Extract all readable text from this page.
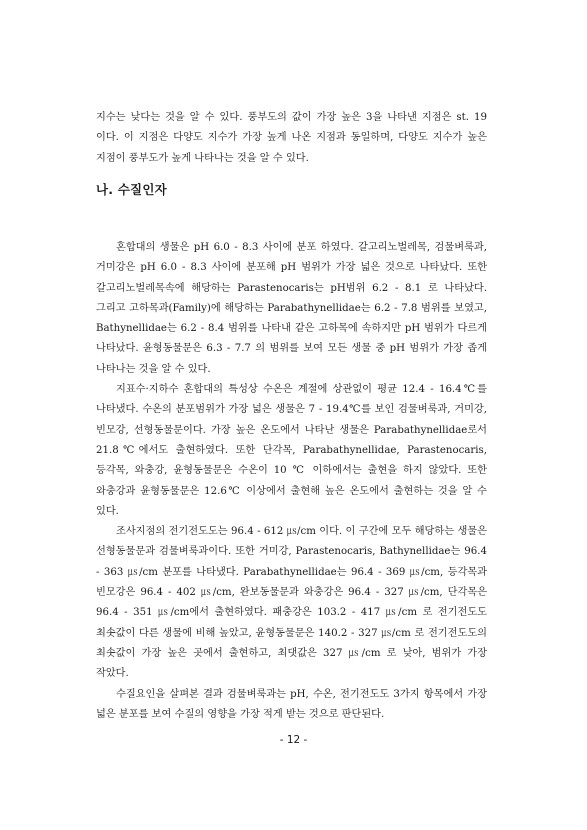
지수는 낮다는 것을 알 수 있다. 풍부도의 값이 가장 높은 3을 나타낸 지점은 st. 19 이다. 이 지점은 다양도 지수가 가장 높게 나온 지점과 동일하며, 다양도 지수가 높은 지점이 풍부도가 높게 나타나는 것을 알 수 있다.

나. 수질인자

혼합대의 생물은 pH 6.0 - 8.3 사이에 분포 하였다. 갈고리노벌레목, 검물벼룩과, 거미강은 pH 6.0 - 8.3 사이에 분포해 pH 범위가 가장 넓은 것으로 나타났다. 또한 갈고리노벌레목속에 해당하는 Parastenocaris는 pH범위 6.2 - 8.1 로 나타났다. 그리고 고하목과(Family)에 해당하는 Parabathynellidae는 6.2 - 7.8 범위를 보였고, Bathynellidae는 6.2 - 8.4 범위를 나타내 같은 고하목에 속하지만 pH 범위가 다르게 나타났다. 윤형동물문은 6.3 - 7.7 의 범위를 보여 모든 생물 중 pH 범위가 가장 좁게 나타나는 것을 알 수 있다.

지표수·지하수 혼합대의 특성상 수온은 계절에 상관없이 평균 12.4 - 16.4℃를 나타냈다. 수온의 분포범위가 가장 넓은 생물은 7 - 19.4℃를 보인 검물벼룩과, 거미강, 빈모강, 선형동물문이다. 가장 높은 온도에서 나타난 생물은 Parabathynellidae로서 21.8℃에서도 출현하였다. 또한 단각목, Parabathynellidae, Parastenocaris, 등각목, 와충강, 윤형동물문은 수온이 10 ℃ 이하에서는 출현을 하지 않았다. 또한 와충강과 윤형동물문은 12.6℃ 이상에서 출현해 높은 온도에서 출현하는 것을 알 수 있다.

조사지점의 전기전도도는 96.4 - 612 ㎲/cm 이다. 이 구간에 모두 해당하는 생물은 선형동물문과 검물벼룩과이다. 또한 거미강, Parastenocaris, Bathynellidae는 96.4 - 363 ㎲/cm 분포를 나타냈다. Parabathynellidae는 96.4 - 369 ㎲/cm, 등각목과 빈모강은 96.4 - 402 ㎲/cm, 완보동물문과 와충강은 96.4 - 327 ㎲/cm, 단각목은 96.4 - 351 ㎲/cm에서 출현하였다. 패충강은 103.2 - 417 ㎲/cm 로 전기전도도 최솟값이 다른 생물에 비해 높았고, 윤형동물문은 140.2 - 327 ㎲/cm 로 전기전도도의 최솟값이 가장 높은 곳에서 출현하고, 최댓값은 327 ㎲/cm 로 낮아, 범위가 가장 작았다.

수질요인을 살펴본 결과 검물벼룩과는 pH, 수온, 전기전도도 3가지 항목에서 가장 넓은 분포를 보여 수질의 영향을 가장 적게 받는 것으로 판단된다.

- 12 -
